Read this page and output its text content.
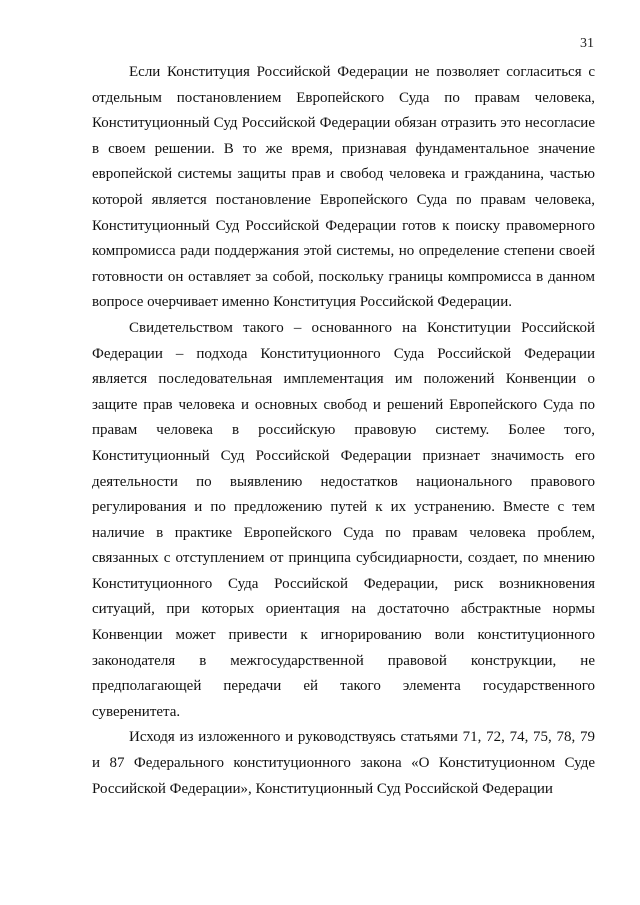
31

Если Конституция Российской Федерации не позволяет согласиться с отдельным постановлением Европейского Суда по правам человека, Конституционный Суд Российской Федерации обязан отразить это несогласие в своем решении. В то же время, признавая фундаментальное значение европейской системы защиты прав и свобод человека и гражданина, частью которой является постановление Европейского Суда по правам человека, Конституционный Суд Российской Федерации готов к поиску правомерного компромисса ради поддержания этой системы, но определение степени своей готовности он оставляет за собой, поскольку границы компромисса в данном вопросе очерчивает именно Конституция Российской Федерации.

Свидетельством такого – основанного на Конституции Российской Федерации – подхода Конституционного Суда Российской Федерации является последовательная имплементация им положений Конвенции о защите прав человека и основных свобод и решений Европейского Суда по правам человека в российскую правовую систему. Более того, Конституционный Суд Российской Федерации признает значимость его деятельности по выявлению недостатков национального правового регулирования и по предложению путей к их устранению. Вместе с тем наличие в практике Европейского Суда по правам человека проблем, связанных с отступлением от принципа субсидиарности, создает, по мнению Конституционного Суда Российской Федерации, риск возникновения ситуаций, при которых ориентация на достаточно абстрактные нормы Конвенции может привести к игнорированию воли конституционного законодателя в межгосударственной правовой конструкции, не предполагающей передачи ей такого элемента государственного суверенитета.

Исходя из изложенного и руководствуясь статьями 71, 72, 74, 75, 78, 79 и 87 Федерального конституционного закона «О Конституционном Суде Российской Федерации», Конституционный Суд Российской Федерации
